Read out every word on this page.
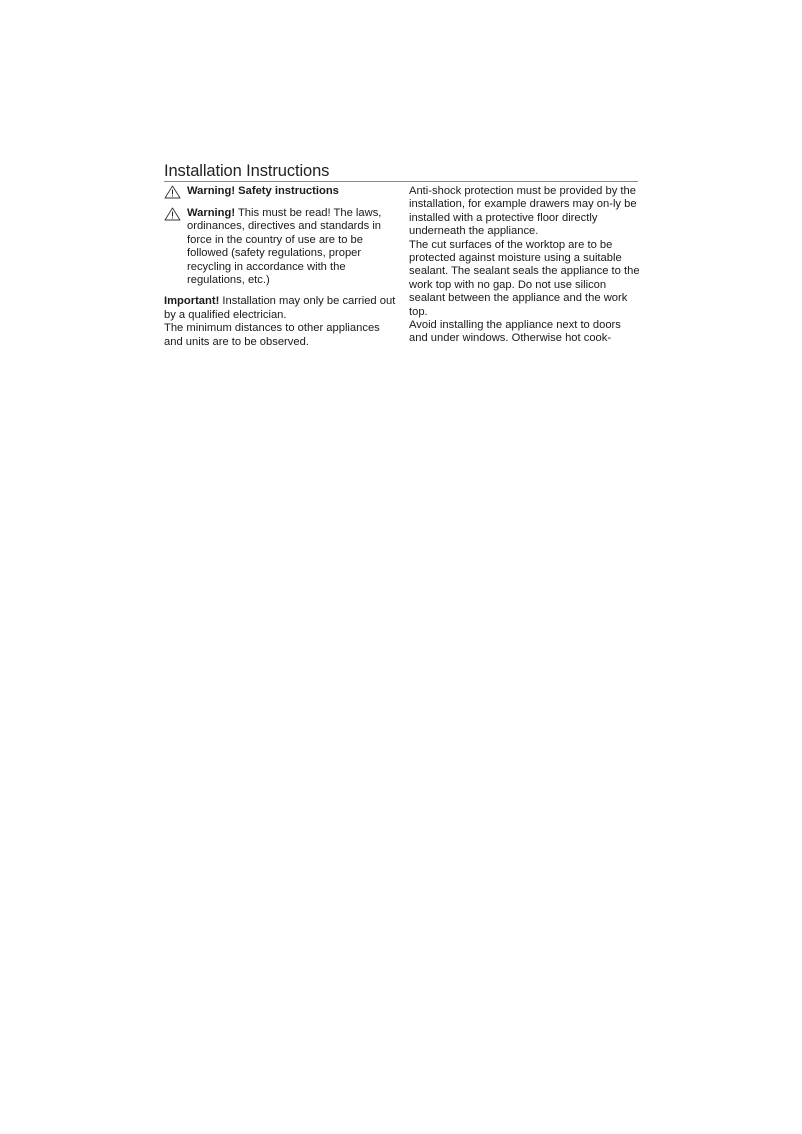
Installation Instructions
Warning! Safety instructions

Warning! This must be read! The laws, ordinances, directives and standards in force in the country of use are to be followed (safety regulations, proper recycling in accordance with the regulations, etc.)

Important! Installation may only be carried out by a qualified electrician.

The minimum distances to other appliances and units are to be observed.

Anti-shock protection must be provided by the installation, for example drawers may on-ly be installed with a protective floor directly underneath the appliance.

The cut surfaces of the worktop are to be protected against moisture using a suitable sealant. The sealant seals the appliance to the work top with no gap. Do not use silicon sealant between the appliance and the work top.

Avoid installing the appliance next to doors and under windows. Otherwise hot cook-
